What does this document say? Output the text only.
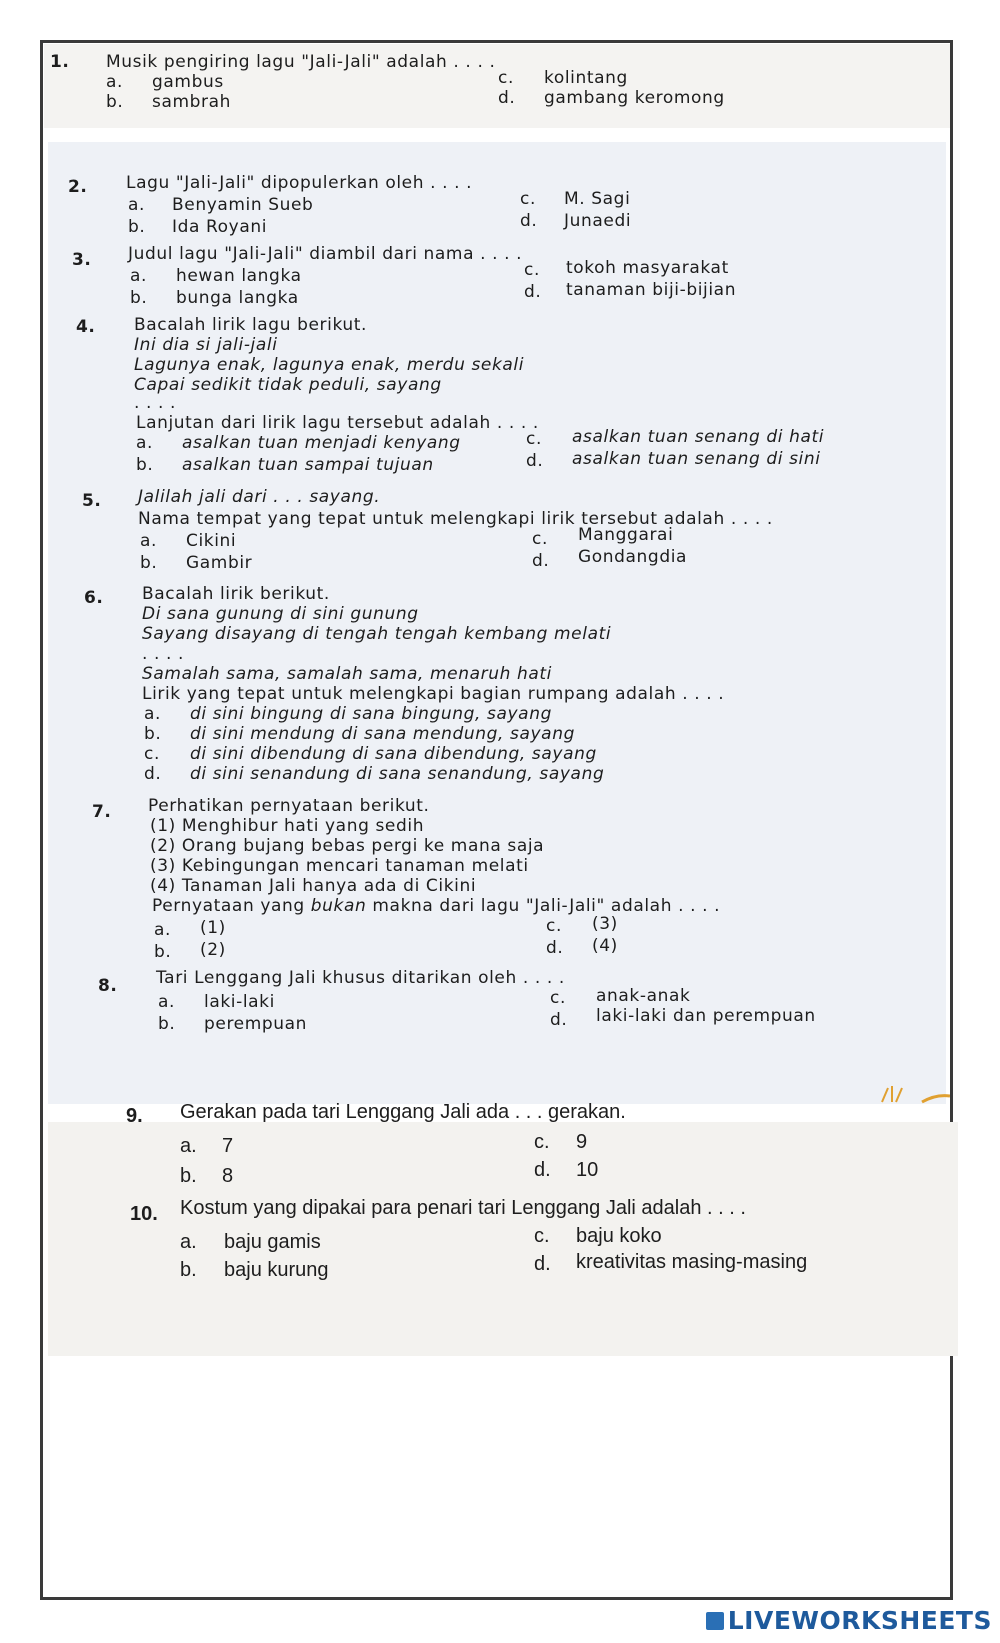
1. Musik pengiring lagu "Jali-Jali" adalah . . . .
a. gambus
b. sambrah
c. kolintang
d. gambang keromong
2. Lagu "Jali-Jali" dipopulerkan oleh . . . .
a. Benyamin Sueb
b. Ida Royani
c. M. Sagi
d. Junaedi
3. Judul lagu "Jali-Jali" diambil dari nama . . . .
a. hewan langka
b. bunga langka
c. tokoh masyarakat
d. tanaman biji-bijian
4. Bacalah lirik lagu berikut.
Ini dia si jali-jali
Lagunya enak, lagunya enak, merdu sekali
Capai sedikit tidak peduli, sayang
. . . .
Lanjutan dari lirik lagu tersebut adalah . . . .
a. asalkan tuan menjadi kenyang
b. asalkan tuan sampai tujuan
c. asalkan tuan senang di hati
d. asalkan tuan senang di sini
5. Jalilah jali dari . . . sayang.
Nama tempat yang tepat untuk melengkapi lirik tersebut adalah . . . .
a. Cikini
b. Gambir
c. Manggarai
d. Gondangdia
6. Bacalah lirik berikut.
Di sana gunung di sini gunung
Sayang disayang di tengah tengah kembang melati
. . . .
Samalah sama, samalah sama, menaruh hati
Lirik yang tepat untuk melengkapi bagian rumpang adalah . . . .
a. di sini bingung di sana bingung, sayang
b. di sini mendung di sana mendung, sayang
c. di sini dibendung di sana dibendung, sayang
d. di sini senandung di sana senandung, sayang
7. Perhatikan pernyataan berikut.
(1) Menghibur hati yang sedih
(2) Orang bujang bebas pergi ke mana saja
(3) Kebingungan mencari tanaman melati
(4) Tanaman Jali hanya ada di Cikini
Pernyataan yang bukan makna dari lagu "Jali-Jali" adalah . . . .
a. (1)
b. (2)
c. (3)
d. (4)
8. Tari Lenggang Jali khusus ditarikan oleh . . . .
a. laki-laki
b. perempuan
c. anak-anak
d. laki-laki dan perempuan
9. Gerakan pada tari Lenggang Jali ada . . . gerakan.
a. 7
b. 8
c. 9
d. 10
10. Kostum yang dipakai para penari tari Lenggang Jali adalah . . . .
a. baju gamis
b. baju kurung
c. baju koko
d. kreativitas masing-masing
LIVEWORKSHEETS
